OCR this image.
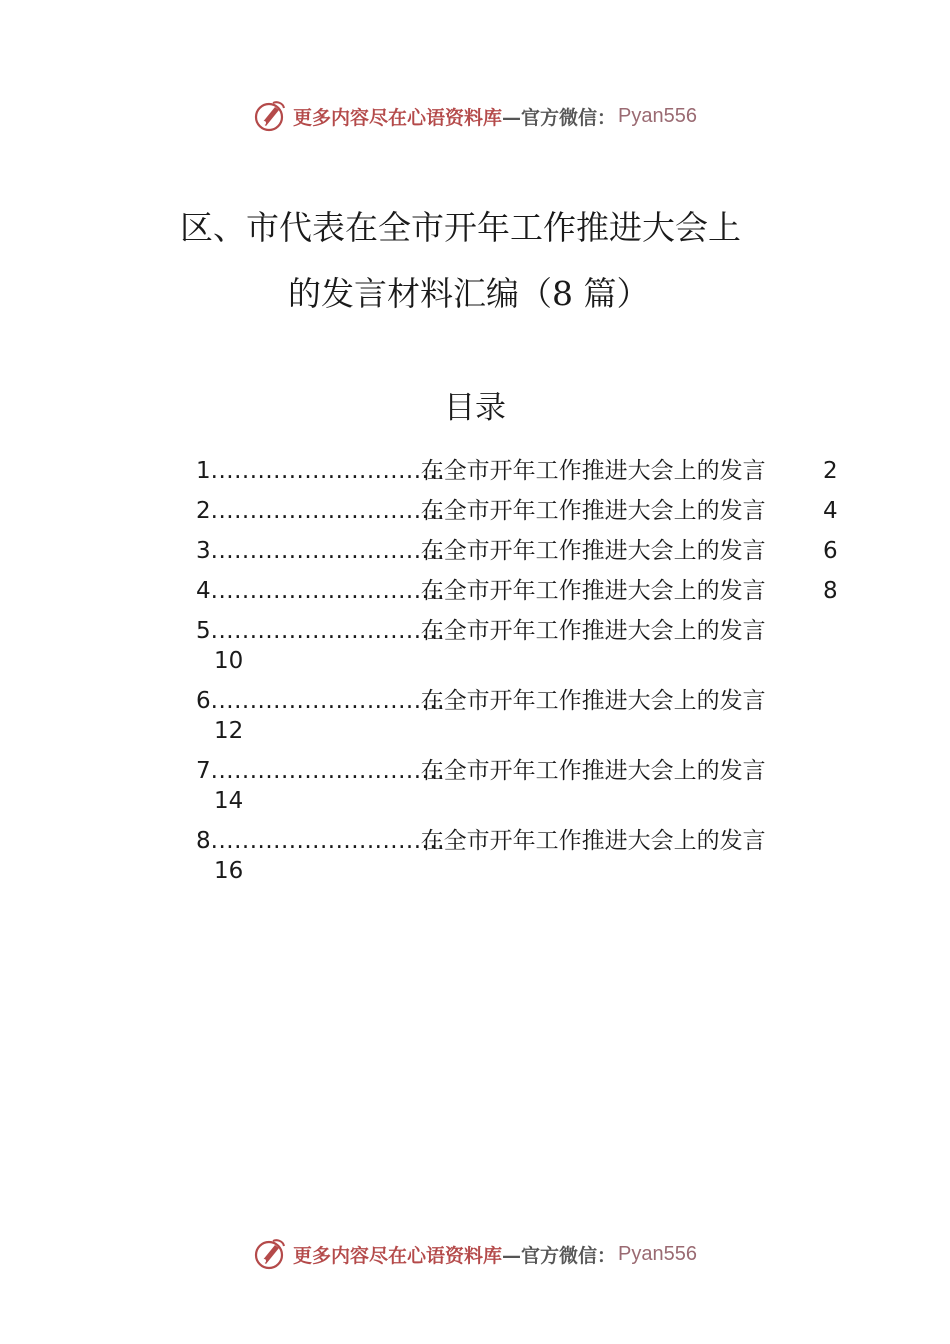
更多内容尽在心语资料库 —官方微信： Pyan556
区、市代表在全市开年工作推进大会上
的发言材料汇编（8 篇）
目录
1..............................在全市开年工作推进大会上的发言 2
2..............................在全市开年工作推进大会上的发言 4
3..............................在全市开年工作推进大会上的发言 6
4..............................在全市开年工作推进大会上的发言 8
5..............................在全市开年工作推进大会上的发言
10
6..............................在全市开年工作推进大会上的发言
12
7..............................在全市开年工作推进大会上的发言
14
8..............................在全市开年工作推进大会上的发言
16
更多内容尽在心语资料库 —官方微信： Pyan556
